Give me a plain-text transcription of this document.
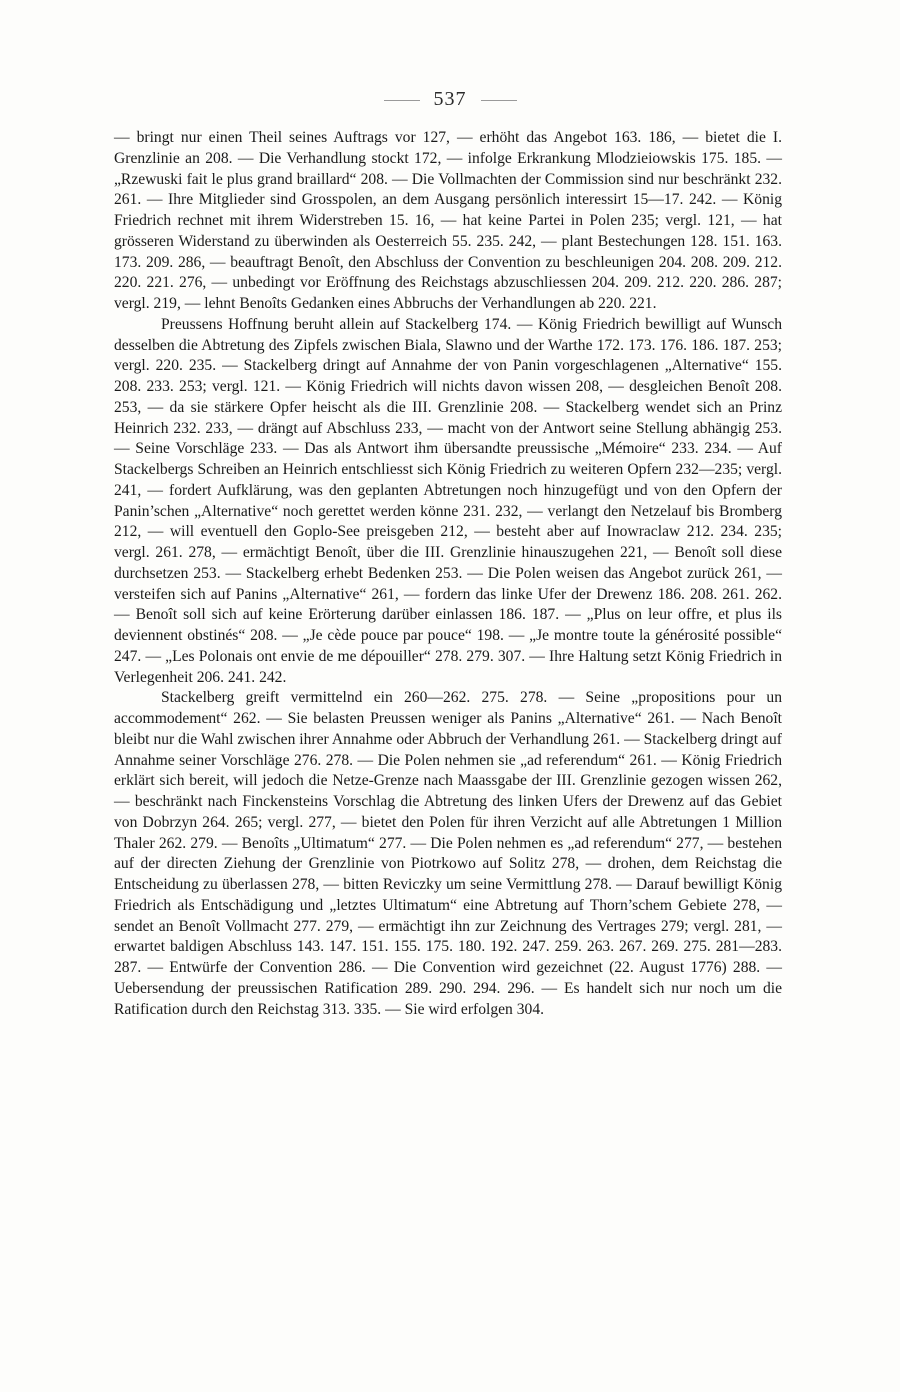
537

— bringt nur einen Theil seines Auftrags vor 127, — erhöht das Angebot 163. 186, — bietet die I. Grenzlinie an 208. — Die Verhandlung stockt 172, — infolge Erkrankung Mlodzieiowskis 175. 185. — „Rzewuski fait le plus grand braillard“ 208. — Die Vollmachten der Commission sind nur beschränkt 232. 261. — Ihre Mitglieder sind Grosspolen, an dem Ausgang persönlich interessirt 15—17. 242. — König Friedrich rechnet mit ihrem Widerstreben 15. 16, — hat keine Partei in Polen 235; vergl. 121, — hat grösseren Widerstand zu überwinden als Oesterreich 55. 235. 242, — plant Bestechungen 128. 151. 163. 173. 209. 286, — beauftragt Benoît, den Abschluss der Convention zu beschleunigen 204. 208. 209. 212. 220. 221. 276, — unbedingt vor Eröffnung des Reichstags abzuschliessen 204. 209. 212. 220. 286. 287; vergl. 219, — lehnt Benoîts Gedanken eines Abbruchs der Verhandlungen ab 220. 221.

Preussens Hoffnung beruht allein auf Stackelberg 174. — König Friedrich bewilligt auf Wunsch desselben die Abtretung des Zipfels zwischen Biala, Slawno und der Warthe 172. 173. 176. 186. 187. 253; vergl. 220. 235. — Stackelberg dringt auf Annahme der von Panin vorgeschlagenen „Alternative“ 155. 208. 233. 253; vergl. 121. — König Friedrich will nichts davon wissen 208, — desgleichen Benoît 208. 253, — da sie stärkere Opfer heischt als die III. Grenzlinie 208. — Stackelberg wendet sich an Prinz Heinrich 232. 233, — drängt auf Abschluss 233, — macht von der Antwort seine Stellung abhängig 253. — Seine Vorschläge 233. — Das als Antwort ihm übersandte preussische „Mémoire“ 233. 234. — Auf Stackelbergs Schreiben an Heinrich entschliesst sich König Friedrich zu weiteren Opfern 232—235; vergl. 241, — fordert Aufklärung, was den geplanten Abtretungen noch hinzugefügt und von den Opfern der Panin’schen „Alternative“ noch gerettet werden könne 231. 232, — verlangt den Netzelauf bis Bromberg 212, — will eventuell den Goplo-See preisgeben 212, — besteht aber auf Inowraclaw 212. 234. 235; vergl. 261. 278, — ermächtigt Benoît, über die III. Grenzlinie hinauszugehen 221, — Benoît soll diese durchsetzen 253. — Stackelberg erhebt Bedenken 253. — Die Polen weisen das Angebot zurück 261, — versteifen sich auf Panins „Alternative“ 261, — fordern das linke Ufer der Drewenz 186. 208. 261. 262. — Benoît soll sich auf keine Erörterung darüber einlassen 186. 187. — „Plus on leur offre, et plus ils deviennent obstinés“ 208. — „Je cède pouce par pouce“ 198. — „Je montre toute la générosité possible“ 247. — „Les Polonais ont envie de me dépouiller“ 278. 279. 307. — Ihre Haltung setzt König Friedrich in Verlegenheit 206. 241. 242.

Stackelberg greift vermittelnd ein 260—262. 275. 278. — Seine „propositions pour un accommodement“ 262. — Sie belasten Preussen weniger als Panins „Alternative“ 261. — Nach Benoît bleibt nur die Wahl zwischen ihrer Annahme oder Abbruch der Verhandlung 261. — Stackelberg dringt auf Annahme seiner Vorschläge 276. 278. — Die Polen nehmen sie „ad referendum“ 261. — König Friedrich erklärt sich bereit, will jedoch die Netze-Grenze nach Maassgabe der III. Grenzlinie gezogen wissen 262, — beschränkt nach Finckensteins Vorschlag die Abtretung des linken Ufers der Drewenz auf das Gebiet von Dobrzyn 264. 265; vergl. 277, — bietet den Polen für ihren Verzicht auf alle Abtretungen 1 Million Thaler 262. 279. — Benoîts „Ultimatum“ 277. — Die Polen nehmen es „ad referendum“ 277, — bestehen auf der directen Ziehung der Grenzlinie von Piotrkowo auf Solitz 278, — drohen, dem Reichstag die Entscheidung zu überlassen 278, — bitten Reviczky um seine Vermittlung 278. — Darauf bewilligt König Friedrich als Entschädigung und „letztes Ultimatum“ eine Abtretung auf Thorn’schem Gebiete 278, — sendet an Benoît Vollmacht 277. 279, — ermächtigt ihn zur Zeichnung des Vertrages 279; vergl. 281, — erwartet baldigen Abschluss 143. 147. 151. 155. 175. 180. 192. 247. 259. 263. 267. 269. 275. 281—283. 287. — Entwürfe der Convention 286. — Die Convention wird gezeichnet (22. August 1776) 288. — Uebersendung der preussischen Ratification 289. 290. 294. 296. — Es handelt sich nur noch um die Ratification durch den Reichstag 313. 335. — Sie wird erfolgen 304.
